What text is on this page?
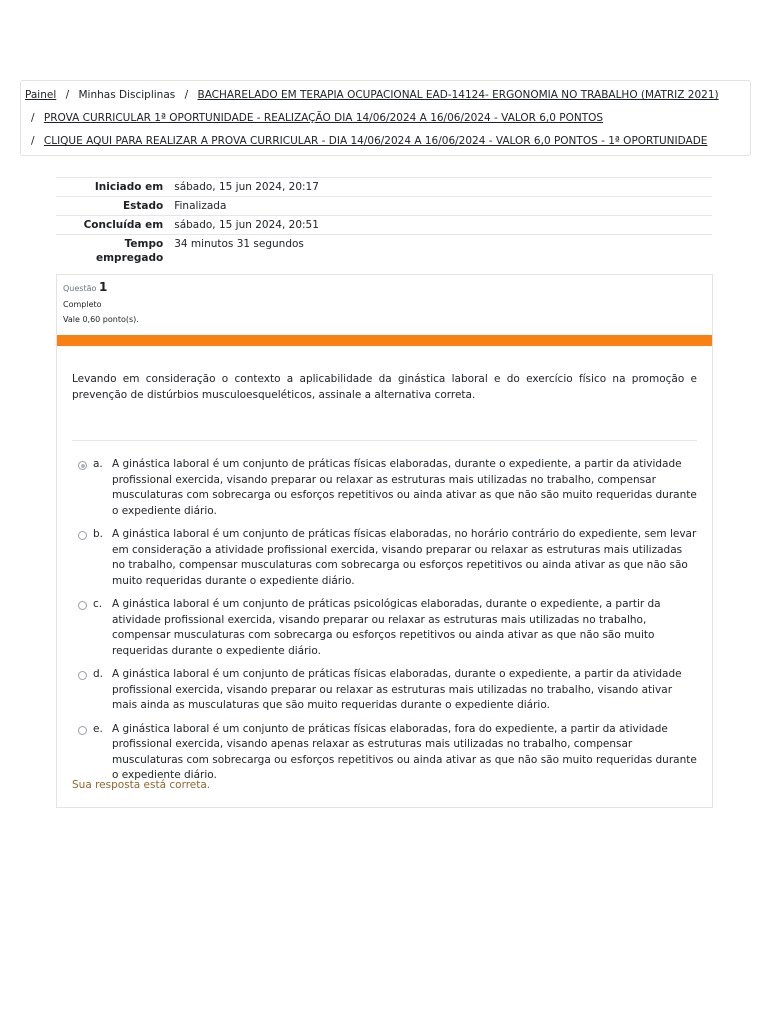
Painel / Minhas Disciplinas / BACHARELADO EM TERAPIA OCUPACIONAL EAD-14124- ERGONOMIA NO TRABALHO (MATRIZ 2021)
/ PROVA CURRICULAR 1ª OPORTUNIDADE - REALIZAÇÃO DIA 14/06/2024 A 16/06/2024 - VALOR 6,0 PONTOS
/ CLIQUE AQUI PARA REALIZAR A PROVA CURRICULAR - DIA 14/06/2024 A 16/06/2024 - VALOR 6,0 PONTOS - 1ª OPORTUNIDADE
Iniciado em	sábado, 15 jun 2024, 20:17
Estado	Finalizada
Concluída em	sábado, 15 jun 2024, 20:51
Tempo empregado	34 minutos 31 segundos
Questão 1
Completo
Vale 0,60 ponto(s).

Levando em consideração o contexto a aplicabilidade da ginástica laboral e do exercício físico na promoção e prevenção de distúrbios musculoesqueléticos, assinale a alternativa correta.

a. A ginástica laboral é um conjunto de práticas físicas elaboradas, durante o expediente, a partir da atividade profissional exercida, visando preparar ou relaxar as estruturas mais utilizadas no trabalho, compensar musculaturas com sobrecarga ou esforços repetitivos ou ainda ativar as que não são muito requeridas durante o expediente diário.
b. A ginástica laboral é um conjunto de práticas físicas elaboradas, no horário contrário do expediente, sem levar em consideração a atividade profissional exercida, visando preparar ou relaxar as estruturas mais utilizadas no trabalho, compensar musculaturas com sobrecarga ou esforços repetitivos ou ainda ativar as que não são muito requeridas durante o expediente diário.
c. A ginástica laboral é um conjunto de práticas psicológicas elaboradas, durante o expediente, a partir da atividade profissional exercida, visando preparar ou relaxar as estruturas mais utilizadas no trabalho, compensar musculaturas com sobrecarga ou esforços repetitivos ou ainda ativar as que não são muito requeridas durante o expediente diário.
d. A ginástica laboral é um conjunto de práticas físicas elaboradas, durante o expediente, a partir da atividade profissional exercida, visando preparar ou relaxar as estruturas mais utilizadas no trabalho, visando ativar mais ainda as musculaturas que são muito requeridas durante o expediente diário.
e. A ginástica laboral é um conjunto de práticas físicas elaboradas, fora do expediente, a partir da atividade profissional exercida, visando apenas relaxar as estruturas mais utilizadas no trabalho, compensar musculaturas com sobrecarga ou esforços repetitivos ou ainda ativar as que não são muito requeridas durante o expediente diário.
Sua resposta está correta.
